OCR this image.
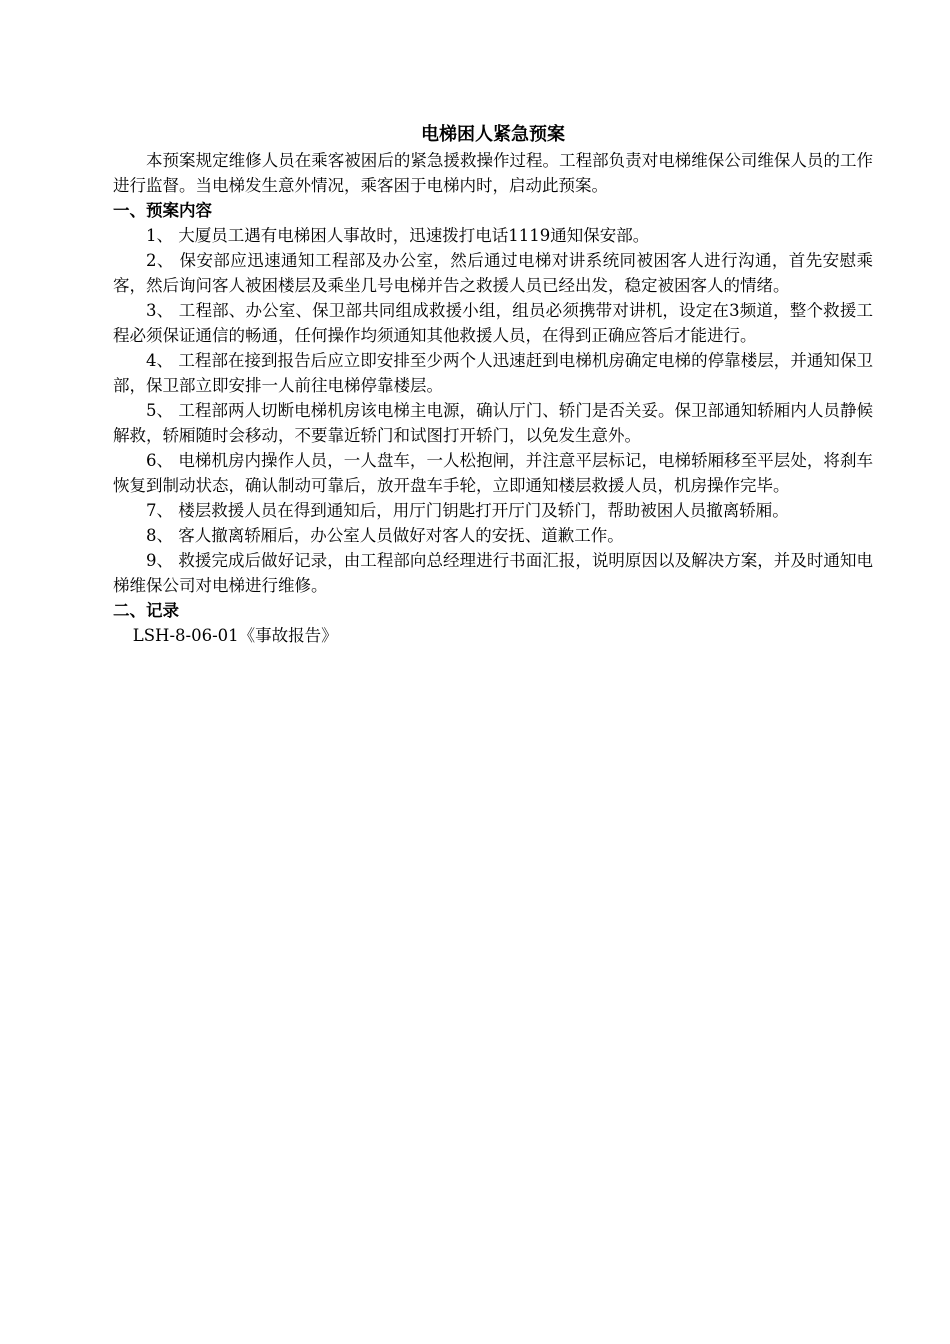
电梯困人紧急预案

本预案规定维修人员在乘客被困后的紧急援救操作过程。工程部负责对电梯维保公司维保人员的工作进行监督。当电梯发生意外情况，乘客困于电梯内时，启动此预案。

一、预案内容

1、 大厦员工遇有电梯困人事故时，迅速拨打电话1119通知保安部。

2、 保安部应迅速通知工程部及办公室，然后通过电梯对讲系统同被困客人进行沟通，首先安慰乘客，然后询问客人被困楼层及乘坐几号电梯并告之救援人员已经出发，稳定被困客人的情绪。

3、 工程部、办公室、保卫部共同组成救援小组，组员必须携带对讲机，设定在3频道，整个救援工程必须保证通信的畅通，任何操作均须通知其他救援人员，在得到正确应答后才能进行。

4、 工程部在接到报告后应立即安排至少两个人迅速赶到电梯机房确定电梯的停靠楼层，并通知保卫部，保卫部立即安排一人前往电梯停靠楼层。

5、 工程部两人切断电梯机房该电梯主电源，确认厅门、轿门是否关妥。保卫部通知轿厢内人员静候解救，轿厢随时会移动，不要靠近轿门和试图打开轿门，以免发生意外。

6、 电梯机房内操作人员，一人盘车，一人松抱闸，并注意平层标记，电梯轿厢移至平层处，将刹车恢复到制动状态，确认制动可靠后，放开盘车手轮，立即通知楼层救援人员，机房操作完毕。

7、 楼层救援人员在得到通知后，用厅门钥匙打开厅门及轿门，帮助被困人员撤离轿厢。

8、 客人撤离轿厢后，办公室人员做好对客人的安抚、道歉工作。

9、 救援完成后做好记录，由工程部向总经理进行书面汇报，说明原因以及解决方案，并及时通知电梯维保公司对电梯进行维修。

二、记录

LSH-8-06-01《事故报告》
